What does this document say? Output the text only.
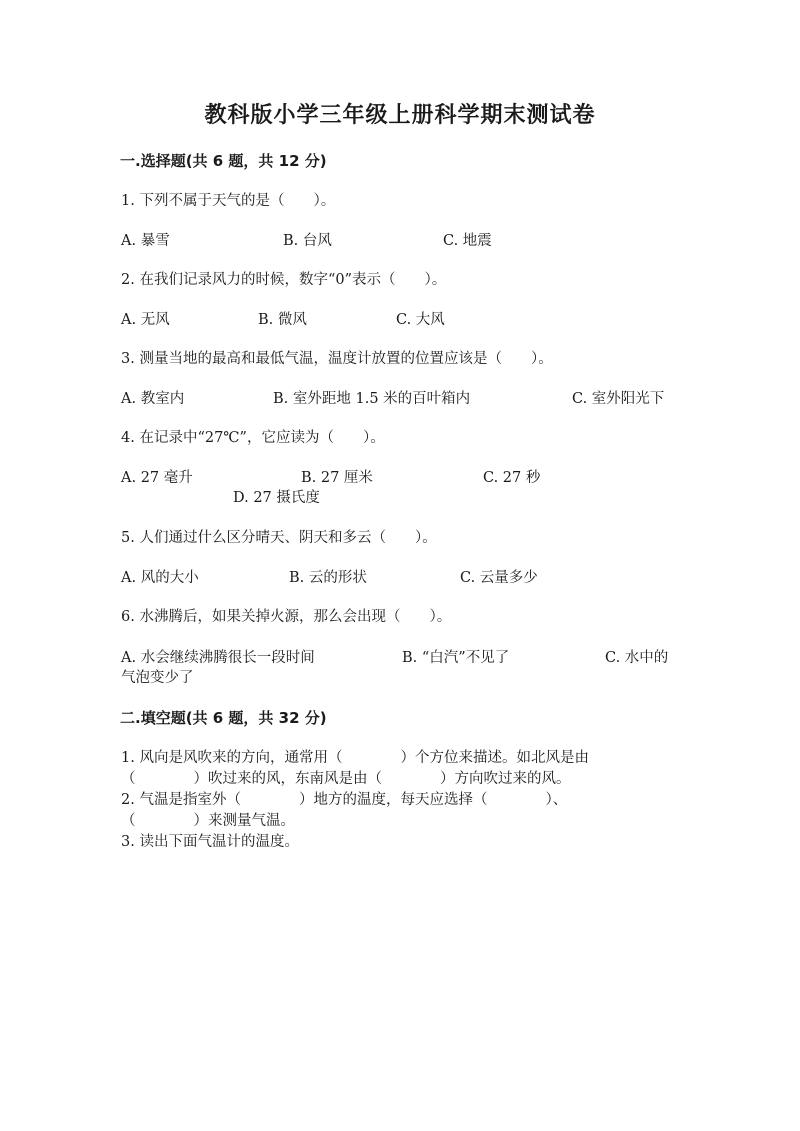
教科版小学三年级上册科学期末测试卷
一.选择题(共 6 题，共 12 分)
1. 下列不属于天气的是（　　）。
A. 暴雪	B. 台风	C. 地震
2. 在我们记录风力的时候，数字“0”表示（　　）。
A. 无风	B. 微风	C. 大风
3. 测量当地的最高和最低气温，温度计放置的位置应该是（　　）。
A. 教室内	B. 室外距地 1.5 米的百叶箱内	C. 室外阳光下
4. 在记录中“27℃”，它应读为（　　）。
A. 27 毫升	B. 27 厘米	C. 27 秒
D. 27 摄氏度
5. 人们通过什么区分晴天、阴天和多云（　　）。
A. 风的大小	B. 云的形状	C. 云量多少
6. 水沸腾后，如果关掉火源，那么会出现（　　）。
A. 水会继续沸腾很长一段时间	B. “白汽”不见了	C. 水中的
气泡变少了
二.填空题(共 6 题，共 32 分)
1. 风向是风吹来的方向，通常用（　　　　）个方位来描述。如北风是由
（　　　　）吹过来的风，东南风是由（　　　　）方向吹过来的风。
2. 气温是指室外（　　　　）地方的温度，每天应选择（　　　　）、
（　　　　）来测量气温。
3. 读出下面气温计的温度。
